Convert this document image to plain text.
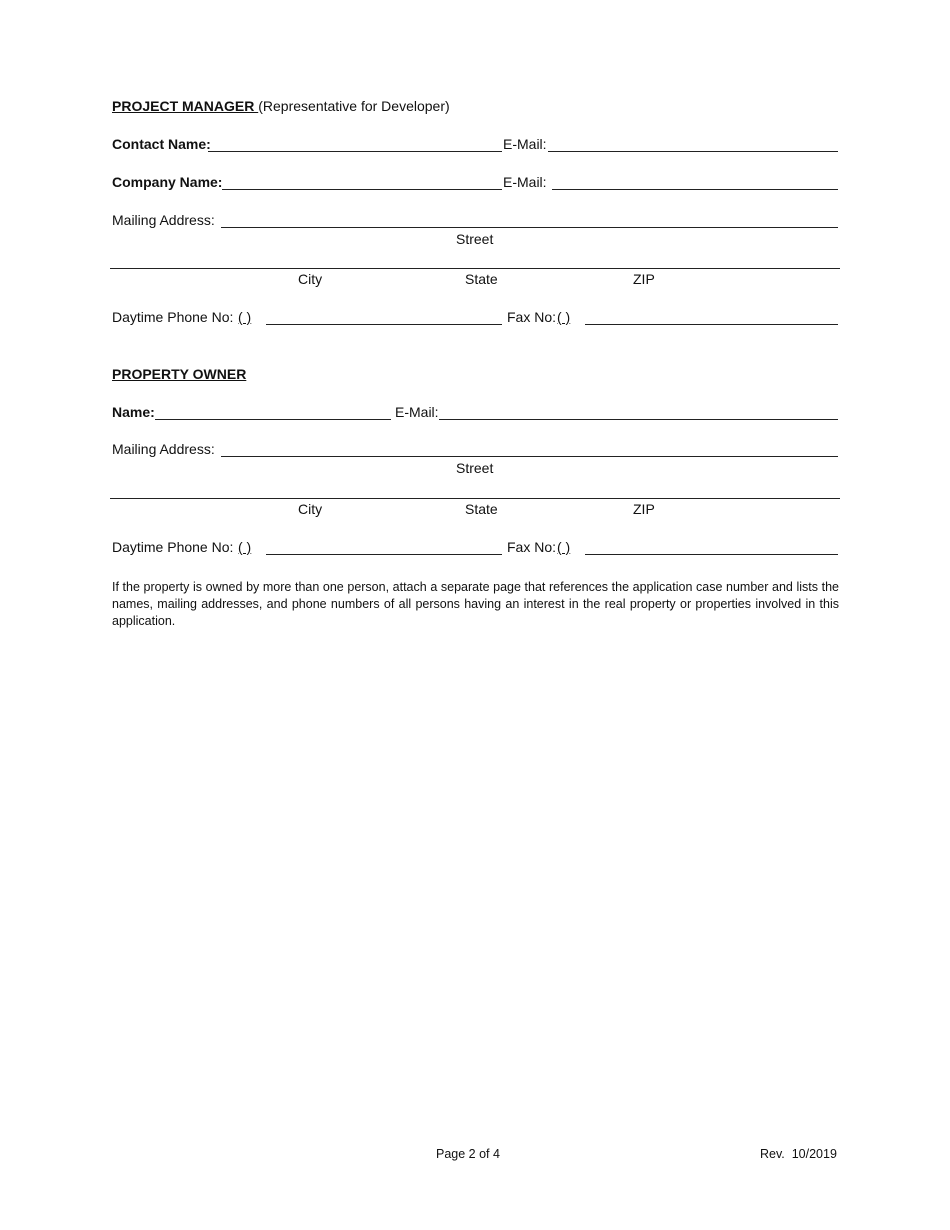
PROJECT MANAGER (Representative for Developer)
Contact Name:	E-Mail:
Company Name:	E-Mail:
Mailing Address:
Street
City	State	ZIP
Daytime Phone No: ( )	Fax No: ( )
PROPERTY OWNER
Name:	E-Mail:
Mailing Address:
Street
City	State	ZIP
Daytime Phone No: ( )	Fax No: ( )
If the property is owned by more than one person, attach a separate page that references the application case number and lists the names, mailing addresses, and phone numbers of all persons having an interest in the real property or properties involved in this application.
Page 2 of 4	Rev.  10/2019
